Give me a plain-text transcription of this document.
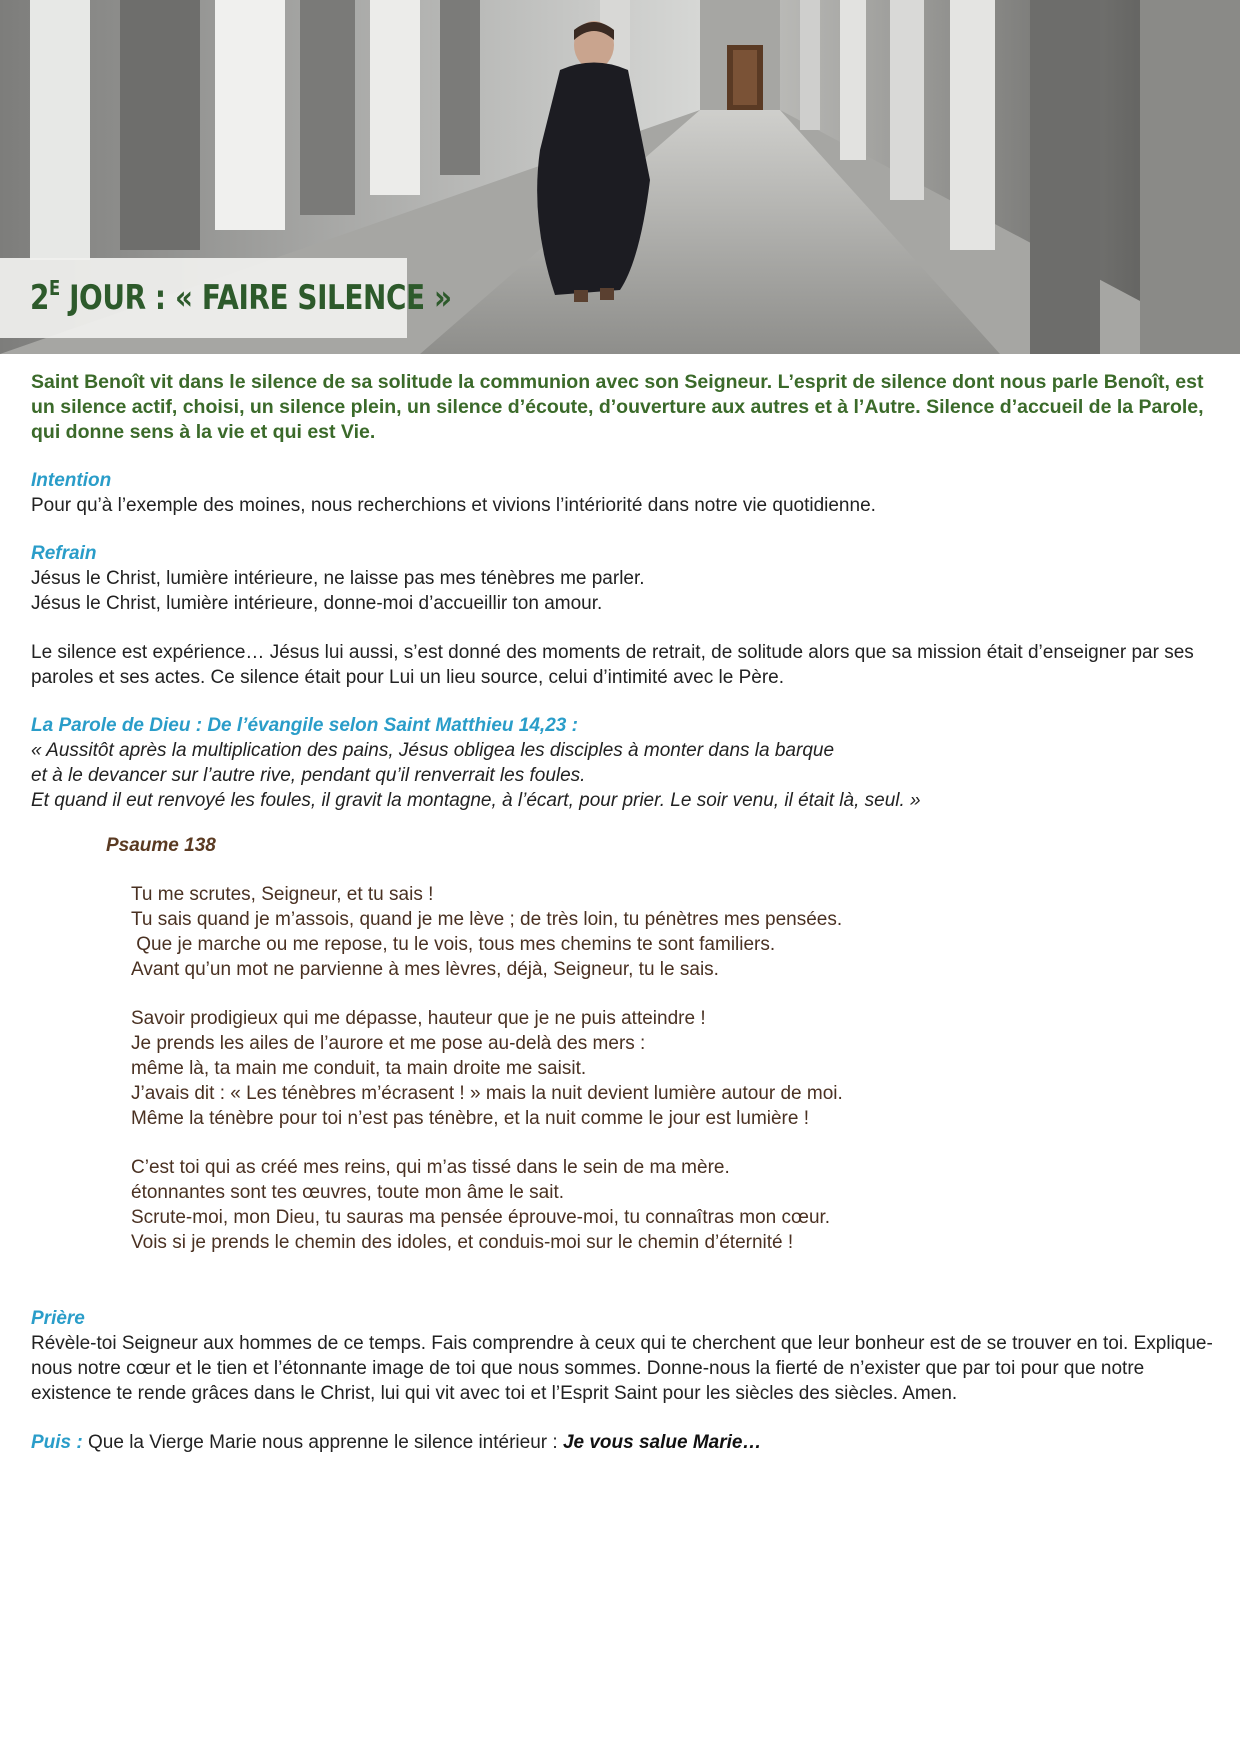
$2^E$ JOUR : « FAIRE SILENCE »

Saint Benoît vit dans le silence de sa solitude la communion avec son Seigneur. L’esprit de silence dont nous parle Benoît, est un silence actif, choisi, un silence plein, un silence d’écoute, d’ouverture aux autres et à l’Autre. Silence d’accueil de la Parole, qui donne sens à la vie et qui est Vie.

Intention

Pour qu’à l’exemple des moines, nous recherchions et vivions l’intériorité dans notre vie quotidienne.

Refrain

Jésus le Christ, lumière intérieure, ne laisse pas mes ténèbres me parler.

Jésus le Christ, lumière intérieure, donne-moi d’accueillir ton amour.

Le silence est expérience… Jésus lui aussi, s’est donné des moments de retrait, de solitude alors que sa mission était d’enseigner par ses paroles et ses actes. Ce silence était pour Lui un lieu source, celui d’intimité avec le Père.

La Parole de Dieu : De l’évangile selon Saint Matthieu 14,23 :

« Aussitôt après la multiplication des pains, Jésus obligea les disciples à monter dans la barque

et à le devancer sur l’autre rive, pendant qu’il renverrait les foules.

Et quand il eut renvoyé les foules, il gravit la montagne, à l’écart, pour prier. Le soir venu, il était là, seul. »

Psaume 138

Tu me scrutes, Seigneur, et tu sais !

Tu sais quand je m’assois, quand je me lève ; de très loin, tu pénètres mes pensées.

Que je marche ou me repose, tu le vois, tous mes chemins te sont familiers.

Avant qu’un mot ne parvienne à mes lèvres, déjà, Seigneur, tu le sais.

Savoir prodigieux qui me dépasse, hauteur que je ne puis atteindre !

Je prends les ailes de l’aurore et me pose au-delà des mers :

même là, ta main me conduit, ta main droite me saisit.

J’avais dit : « Les ténèbres m’écrasent ! » mais la nuit devient lumière autour de moi.

Même la ténèbre pour toi n’est pas ténèbre, et la nuit comme le jour est lumière !

C’est toi qui as créé mes reins, qui m’as tissé dans le sein de ma mère.

étonnantes sont tes œuvres, toute mon âme le sait.

Scrute-moi, mon Dieu, tu sauras ma pensée éprouve-moi, tu connaîtras mon cœur.

Vois si je prends le chemin des idoles, et conduis-moi sur le chemin d’éternité !

Prière

Révèle-toi Seigneur aux hommes de ce temps. Fais comprendre à ceux qui te cherchent que leur bonheur est de se trouver en toi. Explique-nous notre cœur et le tien et l’étonnante image de toi que nous sommes. Donne-nous la fierté de n’exister que par toi pour que notre existence te rende grâces dans le Christ, lui qui vit avec toi et l’Esprit Saint pour les siècles des siècles. Amen.

Puis : Que la Vierge Marie nous apprenne le silence intérieur : Je vous salue Marie…
